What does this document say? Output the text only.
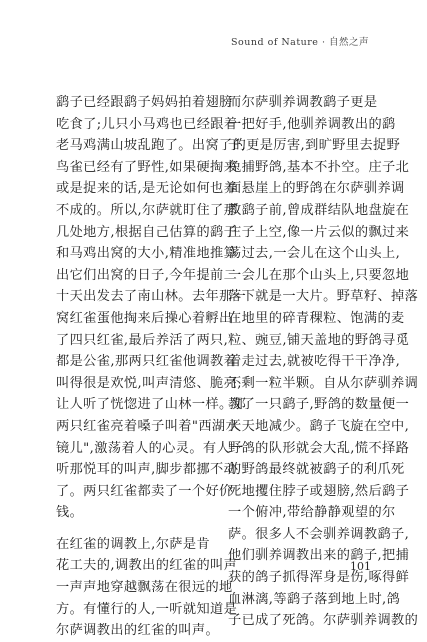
Sound of Nature · 自然之声
鹞子已经跟鹞子妈妈拍着翅膀
吃食了;儿只小马鸡也已经跟着
老马鸡满山坡乱跑了。出窝了的
鸟雀已经有了野性,如果硬掏来
或是捉来的话,是无论如何也养
不成的。所以,尔萨就盯住了那
几处地方,根据自己估算的鹞子
和马鸡出窝的大小,精准地推算
出它们出窝的日子,今年提前二
十天出发去了南山林。去年那一
窝红雀蛋他掏来后操心着孵出
了四只红雀,最后养活了两只,
都是公雀,那两只红雀他调教着
叫得很是欢悦,叫声清悠、脆亮,
让人听了恍惚进了山林一样。那
两只红雀亮着嗓子叫着"西湖水
镜儿",激荡着人的心灵。有人一
听那悦耳的叫声,脚步都挪不动
了。两只红雀都卖了一个好价
钱。
在红雀的调教上,尔萨是肯
花工夫的,调教出的红雀的叫声
一声声地穿越飘荡在很远的地
方。有懂行的人,一听就知道是
尔萨调教出的红雀的叫声。
而尔萨驯养调教鹞子更是
一把好手,他驯养调教出的鹞
子,更是厉害,到旷野里去捉野
兔捕野鸽,基本不扑空。庄子北
面悬崖上的野鸽在尔萨驯养调
教鹞子前,曾成群结队地盘旋在
庄子上空,像一片云似的飘过来
荡过去,一会儿在这个山头上,
一会儿在那个山头上,只要忽地
落下就是一大片。野草籽、掉落
在地里的碎青稞粒、饱满的麦
粒、豌豆,铺天盖地的野鸽寻觅
着走过去,就被吃得干干净净,
不剩一粒半颗。自从尔萨驯养调
教了一只鹞子,野鸽的数量便一
天天地减少。鹞子飞旋在空中,
野鸽的队形就会大乱,慌不择路
的野鸽最终就被鹞子的利爪死
死地攫住脖子或翅膀,然后鹞子
一个俯冲,带给静静观望的尔
萨。很多人不会驯养调教鹞子,
他们驯养调教出来的鹞子,把捕
获的鸽子抓得浑身是伤,啄得鲜
血淋漓,等鹞子落到地上时,鸽
子已成了死鸽。尔萨驯养调教的
101
